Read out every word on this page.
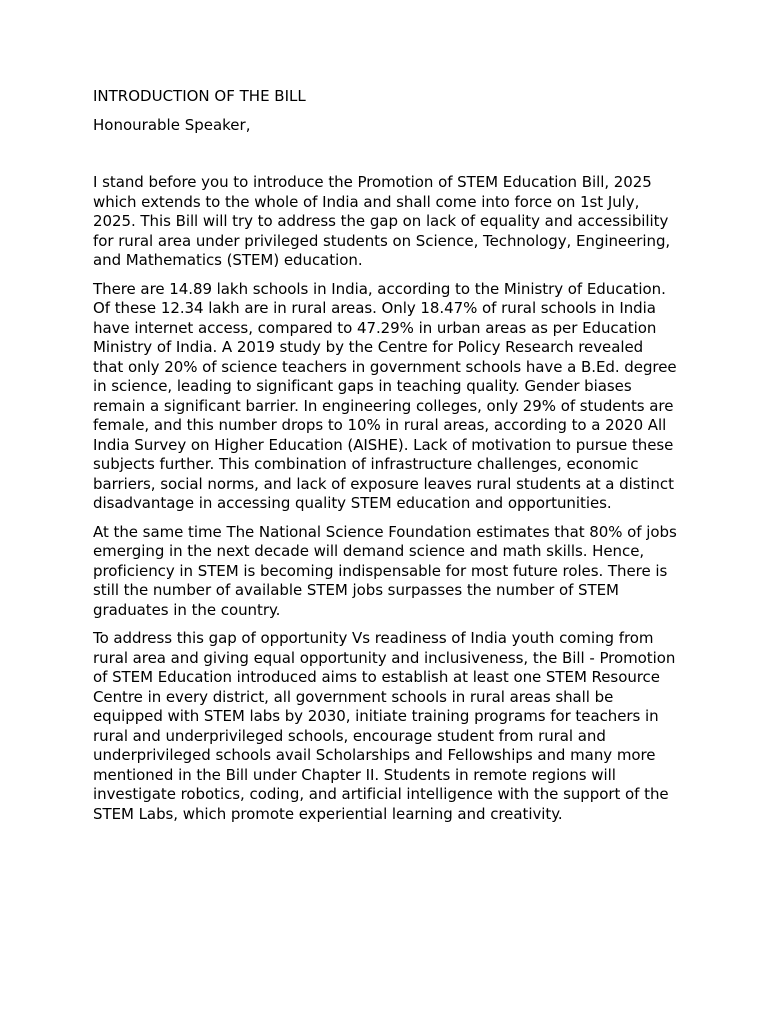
INTRODUCTION OF THE BILL

Honourable Speaker,

I stand before you to introduce the Promotion of STEM Education Bill, 2025 which extends to the whole of India and shall come into force on 1st July, 2025. This Bill will try to address the gap on lack of equality and accessibility for rural area under privileged students on Science, Technology, Engineering, and Mathematics (STEM) education.

There are 14.89 lakh schools in India, according to the Ministry of Education. Of these 12.34 lakh are in rural areas. Only 18.47% of rural schools in India have internet access, compared to 47.29% in urban areas as per Education Ministry of India. A 2019 study by the Centre for Policy Research revealed that only 20% of science teachers in government schools have a B.Ed. degree in science, leading to significant gaps in teaching quality. Gender biases remain a significant barrier. In engineering colleges, only 29% of students are female, and this number drops to 10% in rural areas, according to a 2020 All India Survey on Higher Education (AISHE). Lack of motivation to pursue these subjects further. This combination of infrastructure challenges, economic barriers, social norms, and lack of exposure leaves rural students at a distinct disadvantage in accessing quality STEM education and opportunities.

At the same time The National Science Foundation estimates that 80% of jobs emerging in the next decade will demand science and math skills. Hence, proficiency in STEM is becoming indispensable for most future roles. There is still the number of available STEM jobs surpasses the number of STEM graduates in the country.

To address this gap of opportunity Vs readiness of India youth coming from rural area and giving equal opportunity and inclusiveness, the Bill - Promotion of STEM Education introduced aims to establish at least one STEM Resource Centre in every district, all government schools in rural areas shall be equipped with STEM labs by 2030, initiate training programs for teachers in rural and underprivileged schools, encourage student from rural and underprivileged schools avail Scholarships and Fellowships and many more mentioned in the Bill under Chapter II. Students in remote regions will investigate robotics, coding, and artificial intelligence with the support of the STEM Labs, which promote experiential learning and creativity.
